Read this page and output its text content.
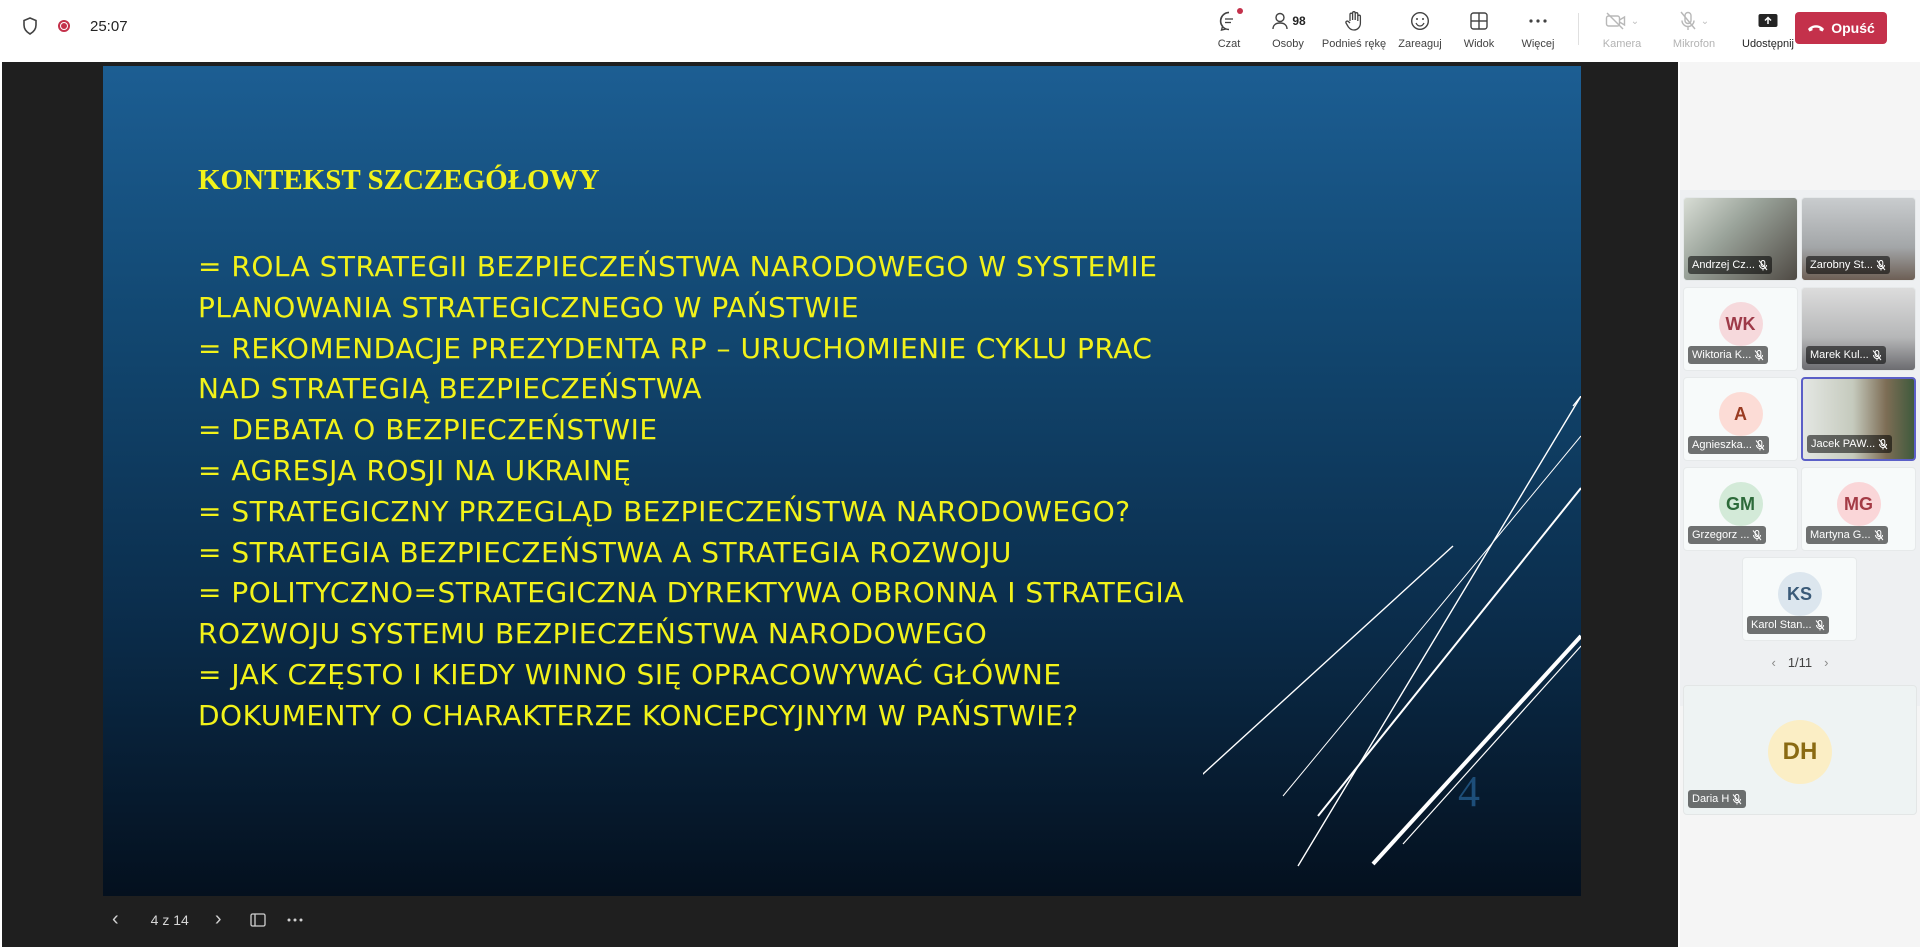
25:07
Czat
98
Osoby Podnieś rękę Zareaguj Widok Więcej
⌄
Kamera
⌄
Mikrofon Udostępnij
Opuść
KONTEKST SZCZEGÓŁOWY
= ROLA STRATEGII BEZPIECZEŃSTWA NARODOWEGO W SYSTEMIE
PLANOWANIA STRATEGICZNEGO W PAŃSTWIE
= REKOMENDACJE PREZYDENTA RP – URUCHOMIENIE CYKLU PRAC
NAD STRATEGIĄ BEZPIECZEŃSTWA
= DEBATA O BEZPIECZEŃSTWIE
= AGRESJA ROSJI NA UKRAINĘ
= STRATEGICZNY PRZEGLĄD BEZPIECZEŃSTWA NARODOWEGO?
= STRATEGIA BEZPIECZEŃSTWA A STRATEGIA ROZWOJU
= POLITYCZNO=STRATEGICZNA DYREKTYWA OBRONNA I STRATEGIA
ROZWOJU SYSTEMU BEZPIECZEŃSTWA NARODOWEGO
= JAK CZĘSTO I KIEDY WINNO SIĘ OPRACOWYWAĆ GŁÓWNE
DOKUMENTY O CHARAKTERZE KONCEPCYJNYM W PAŃSTWIE?
4
‹ 4 z 14 ›
Andrzej Cz...	Zarobny St...
WK
Wiktoria K...	Marek Kul...
A
Agnieszka...	Jacek PAW...
GM
Grzegorz ...
MG
Martyna G...
KS
Karol Stan...
‹ 1/11 ›
DH
Daria H
